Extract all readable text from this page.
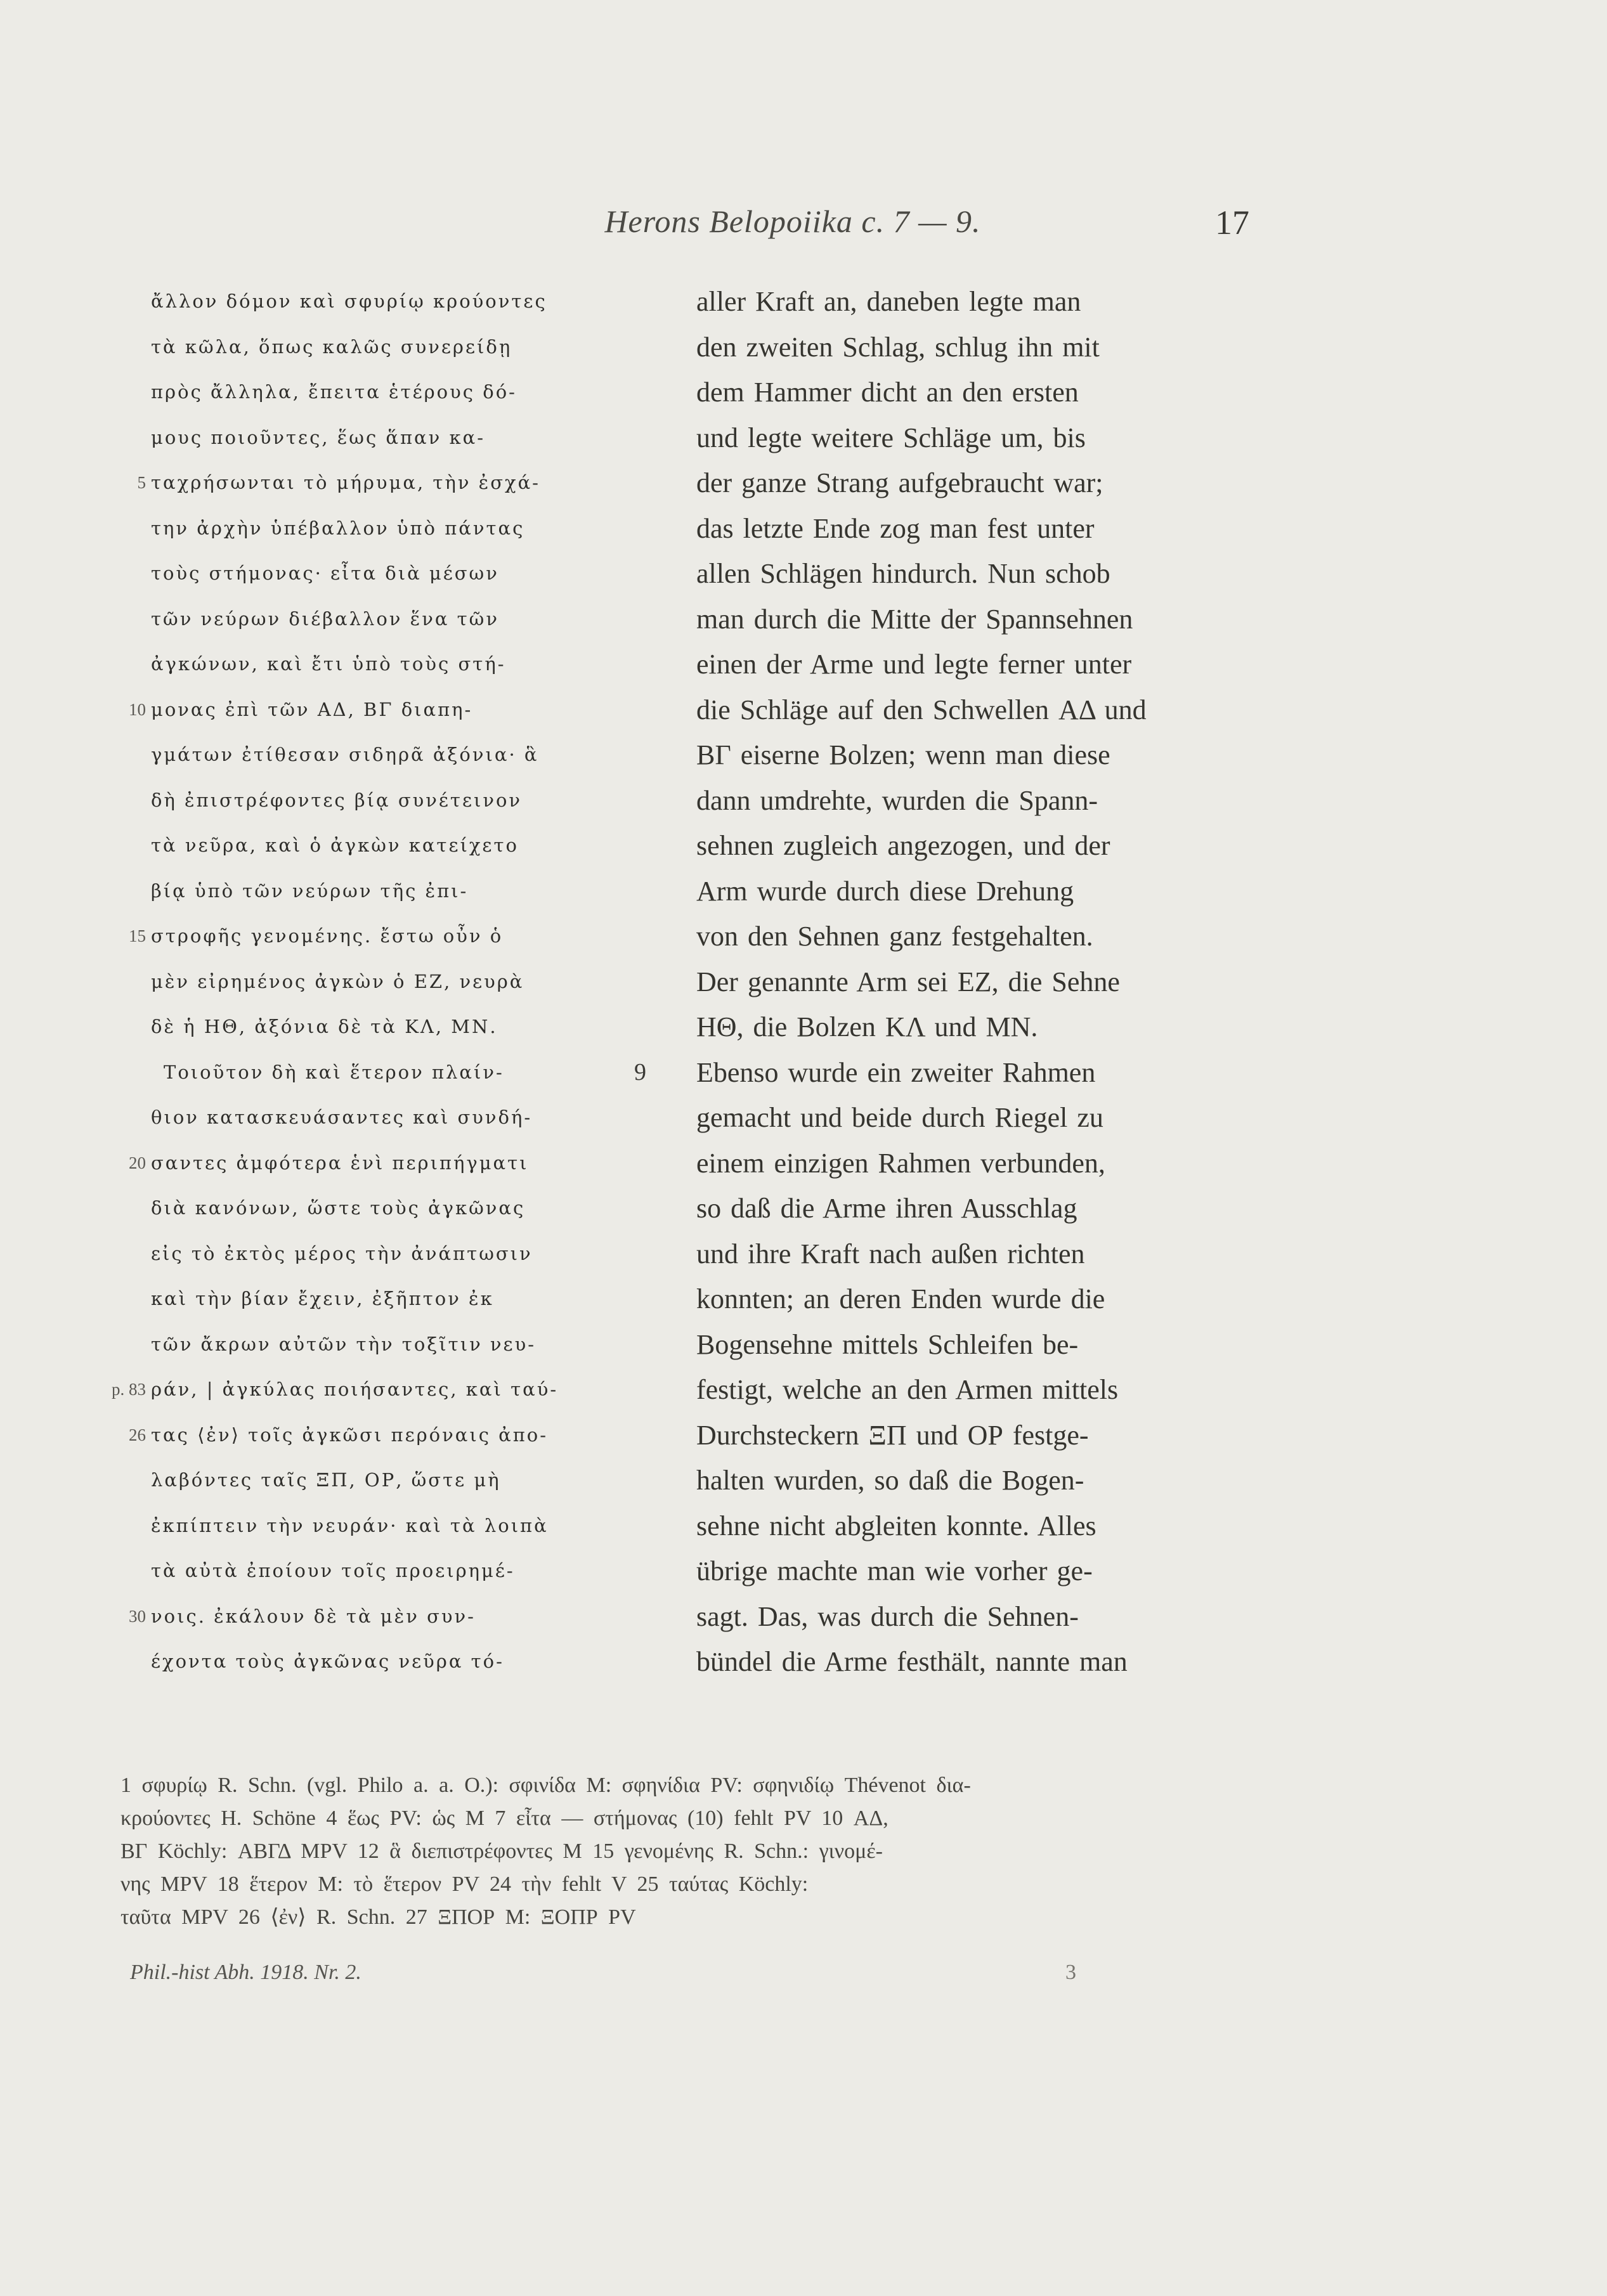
Herons Belopoiika c. 7 — 9.	17
ἄλλον δόμον καὶ σφυρίῳ κρούοντες
τὰ κῶλα, ὅπως καλῶς συνερείδῃ
πρὸς ἄλληλα, ἔπειτα ἑτέρους δό-
μους ποιοῦντες, ἕως ἅπαν κα-
5 ταχρήσωνται τὸ μήρυμα, τὴν ἐσχά-
την ἀρχὴν ὑπέβαλλον ὑπὸ πάντας
τοὺς στήμονας· εἶτα διὰ μέσων
τῶν νεύρων διέβαλλον ἕνα τῶν
ἀγκώνων, καὶ ἔτι ὑπὸ τοὺς στή-
10 μονας ἐπὶ τῶν ΑΔ, ΒΓ διαπη-
γμάτων ἐτίθεσαν σιδηρᾶ ἀξόνια· ἃ
δὴ ἐπιστρέφοντες βίᾳ συνέτεινον
τὰ νεῦρα, καὶ ὁ ἀγκὼν κατείχετο
βίᾳ ὑπὸ τῶν νεύρων τῆς ἐπι-
15 στροφῆς γενομένης. ἔστω οὖν ὁ
μὲν εἰρημένος ἀγκὼν ὁ ΕΖ, νευρὰ
δὲ ἡ ΗΘ, ἀξόνια δὲ τὰ ΚΛ, ΜΝ.
Τοιοῦτον δὴ καὶ ἕτερον πλαίν-	9
θιον κατασκευάσαντες καὶ συνδή-
20 σαντες ἀμφότερα ἑνὶ περιπήγματι
διὰ κανόνων, ὥστε τοὺς ἀγκῶνας
εἰς τὸ ἐκτὸς μέρος τὴν ἀνάπτωσιν
καὶ τὴν βίαν ἔχειν, ἐξῆπτον ἐκ
τῶν ἄκρων αὐτῶν τὴν τοξῖτιν νευ-
p. 83 ράν, | ἀγκύλας ποιήσαντες, καὶ ταύ-
26 τας ⟨ἐν⟩ τοῖς ἀγκῶσι περόναις ἀπο-
λαβόντες ταῖς ΞΠ, ΟΡ, ὥστε μὴ
ἐκπίπτειν τὴν νευράν· καὶ τὰ λοιπὰ
τὰ αὐτὰ ἐποίουν τοῖς προειρημέ-
30 νοις. ἐκάλουν δὲ τὰ μὲν συν-
έχοντα τοὺς ἀγκῶνας νεῦρα τό-
aller Kraft an, daneben legte man
den zweiten Schlag, schlug ihn mit
dem Hammer dicht an den ersten
und legte weitere Schläge um, bis
der ganze Strang aufgebraucht war;
das letzte Ende zog man fest unter
allen Schlägen hindurch. Nun schob
man durch die Mitte der Spannsehnen
einen der Arme und legte ferner unter
die Schläge auf den Schwellen ΑΔ und
ΒΓ eiserne Bolzen; wenn man diese
dann umdrehte, wurden die Spann-
sehnen zugleich angezogen, und der
Arm wurde durch diese Drehung
von den Sehnen ganz festgehalten.
Der genannte Arm sei ΕΖ, die Sehne
ΗΘ, die Bolzen ΚΛ und ΜΝ.
Ebenso wurde ein zweiter Rahmen
gemacht und beide durch Riegel zu
einem einzigen Rahmen verbunden,
so daß die Arme ihren Ausschlag
und ihre Kraft nach außen richten
konnten; an deren Enden wurde die
Bogensehne mittels Schleifen be-
festigt, welche an den Armen mittels
Durchsteckern ΞΠ und ΟΡ festge-
halten wurden, so daß die Bogen-
sehne nicht abgleiten konnte. Alles
übrige machte man wie vorher ge-
sagt. Das, was durch die Sehnen-
bündel die Arme festhält, nannte man
1 σφυρίῳ R. Schn. (vgl. Philo a. a. O.): σφινίδα M: σφηνίδια PV: σφηνιδίῳ Thévenot δια-
κρούοντες H. Schöne 4 ἕως PV: ὡς M 7 εἶτα — στήμονας (10) fehlt PV 10 ΑΔ,
ΒΓ Köchly: ΑΒΓΔ MPV 12 ἃ διεπιστρέφοντες M 15 γενομένης R. Schn.: γινομέ-
νης MPV 18 ἕτερον M: τὸ ἕτερον PV 24 τὴν fehlt V 25 ταύτας Köchly:
ταῦτα MPV 26 ⟨ἐν⟩ R. Schn. 27 ΞΠΟΡ M: ΞΟΠΡ PV
Phil.-hist Abh. 1918. Nr. 2.	3
